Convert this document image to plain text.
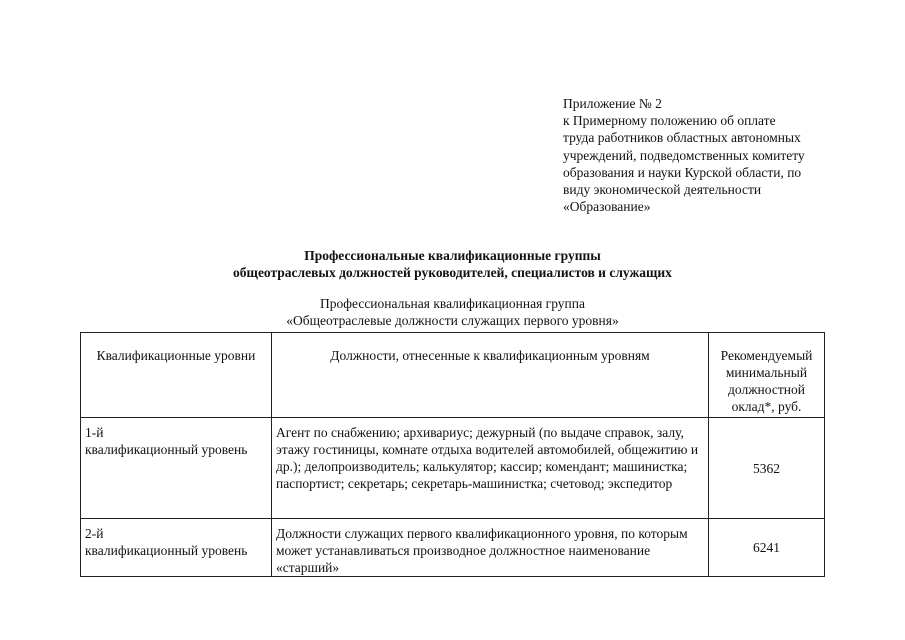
Приложение № 2
к Примерному положению об оплате
труда работников областных автономных
учреждений, подведомственных комитету
образования и науки Курской области, по
виду экономической деятельности
«Образование»
Профессиональные квалификационные группы
общеотраслевых должностей руководителей, специалистов и служащих
Профессиональная квалификационная группа
«Общеотраслевые должности служащих первого уровня»
Квалификационные уровни	Должности, отнесенные к квалификационным уровням	Рекомендуемый минимальный должностной оклад*, руб.

1-й
квалификационный уровень	Агент по снабжению; архивариус; дежурный (по выдаче справок, залу, этажу гостиницы, комнате отдыха водителей автомобилей, общежитию и др.); делопроизводитель; калькулятор; кассир; комендант; машинистка; паспортист; секретарь; секретарь-машинистка; счетовод; экспедитор	5362

2-й
квалификационный уровень	Должности служащих первого квалификационного уровня, по которым может устанавливаться производное должностное наименование «старший»	6241
